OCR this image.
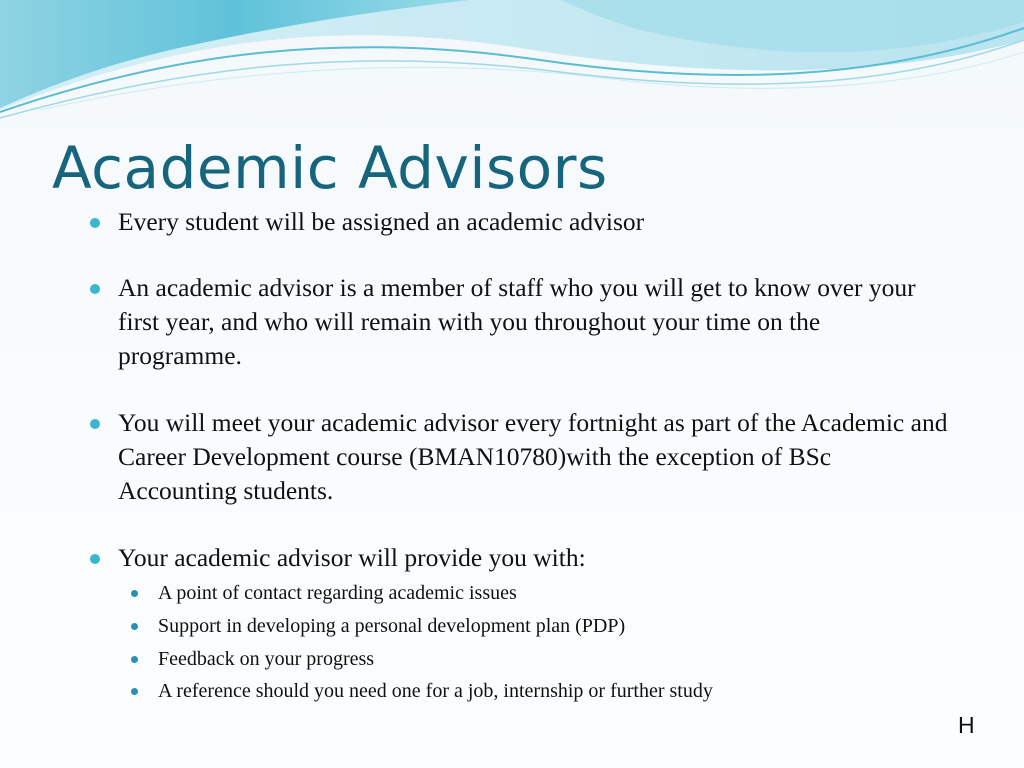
Academic Advisors
Every student will be assigned an academic advisor
An academic advisor is a member of staff who you will get to know over your first year, and who will remain with you throughout your time on the programme.
You will meet your academic advisor every fortnight as part of the Academic and Career Development course (BMAN10780)with the exception of BSc Accounting students.
Your academic advisor will provide you with:
A point of contact regarding academic issues
Support in developing a personal development plan (PDP)
Feedback on your progress
A reference should you need one for a job, internship or further study
H
